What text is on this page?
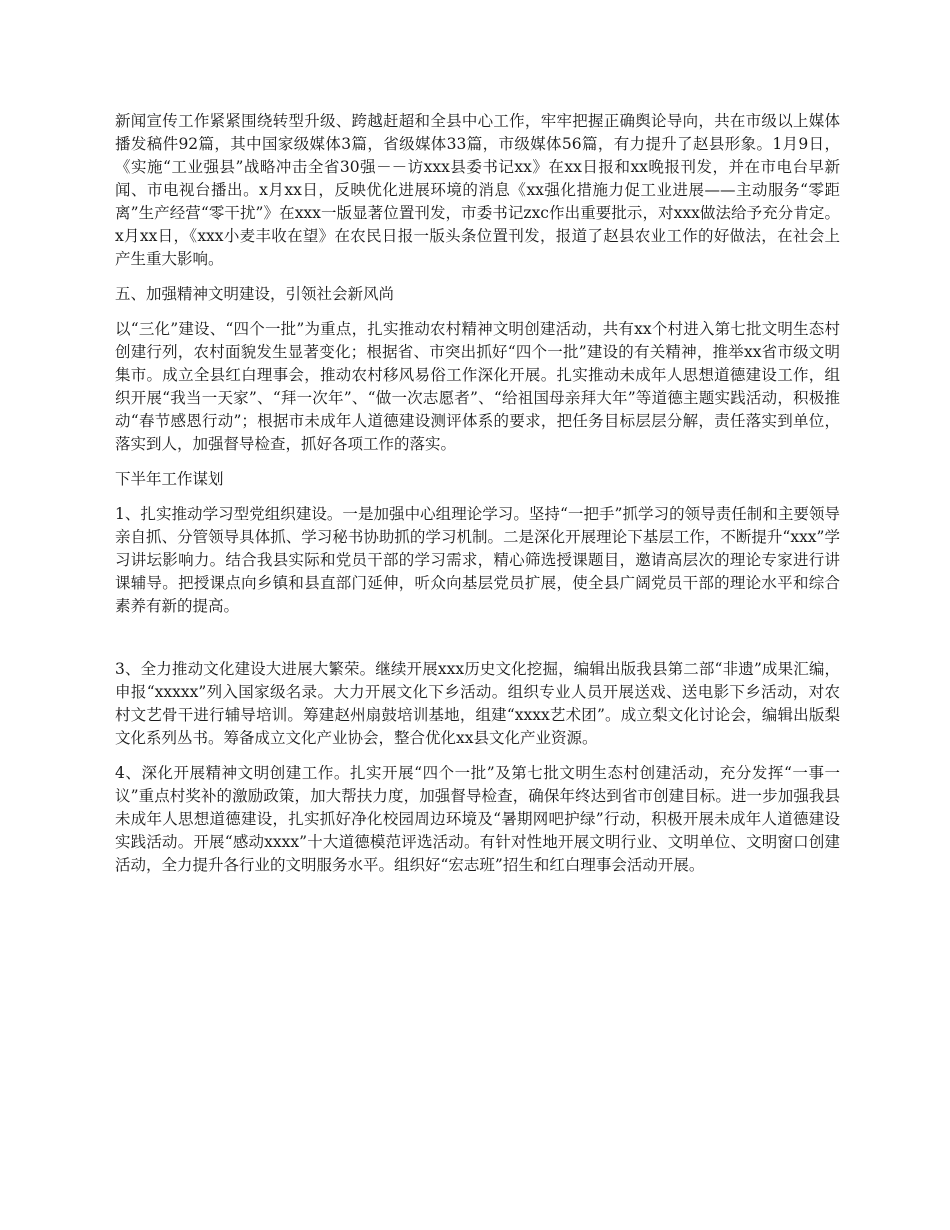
新闻宣传工作紧紧围绕转型升级、跨越赶超和全县中心工作，牢牢把握正确舆论导向，共在市级以上媒体播发稿件92篇，其中国家级媒体3篇，省级媒体33篇，市级媒体56篇，有力提升了赵县形象。1月9日，《实施“工业强县”战略冲击全省30强－－访xxx县委书记xx》在xx日报和xx晚报刊发，并在市电台早新闻、市电视台播出。x月xx日，反映优化进展环境的消息《xx强化措施力促工业进展——主动服务“零距离”生产经营“零干扰”》在xxx一版显著位置刊发，市委书记zxc作出重要批示，对xxx做法给予充分肯定。x月xx日，《xxx小麦丰收在望》在农民日报一版头条位置刊发，报道了赵县农业工作的好做法，在社会上产生重大影响。

五、加强精神文明建设，引领社会新风尚

以“三化”建设、“四个一批”为重点，扎实推动农村精神文明创建活动，共有xx个村进入第七批文明生态村创建行列，农村面貌发生显著变化；根据省、市突出抓好“四个一批”建设的有关精神，推举xx省市级文明集市。成立全县红白理事会，推动农村移风易俗工作深化开展。扎实推动未成年人思想道德建设工作，组织开展“我当一天家”、“拜一次年”、“做一次志愿者”、“给祖国母亲拜大年”等道德主题实践活动，积极推动“春节感恩行动”；根据市未成年人道德建设测评体系的要求，把任务目标层层分解，责任落实到单位，落实到人，加强督导检查，抓好各项工作的落实。

下半年工作谋划

1、扎实推动学习型党组织建设。一是加强中心组理论学习。坚持“一把手”抓学习的领导责任制和主要领导亲自抓、分管领导具体抓、学习秘书协助抓的学习机制。二是深化开展理论下基层工作，不断提升“xxx”学习讲坛影响力。结合我县实际和党员干部的学习需求，精心筛选授课题目，邀请高层次的理论专家进行讲课辅导。把授课点向乡镇和县直部门延伸，听众向基层党员扩展，使全县广阔党员干部的理论水平和综合素养有新的提高。

3、全力推动文化建设大进展大繁荣。继续开展xxx历史文化挖掘，编辑出版我县第二部“非遗”成果汇编，申报“xxxxx”列入国家级名录。大力开展文化下乡活动。组织专业人员开展送戏、送电影下乡活动，对农村文艺骨干进行辅导培训。筹建赵州扇鼓培训基地，组建“xxxx艺术团”。成立梨文化讨论会，编辑出版梨文化系列丛书。筹备成立文化产业协会，整合优化xx县文化产业资源。

4、深化开展精神文明创建工作。扎实开展“四个一批”及第七批文明生态村创建活动，充分发挥“一事一议”重点村奖补的激励政策，加大帮扶力度，加强督导检查，确保年终达到省市创建目标。进一步加强我县未成年人思想道德建设，扎实抓好净化校园周边环境及“暑期网吧护绿”行动，积极开展未成年人道德建设实践活动。开展“感动xxxx”十大道德模范评选活动。有针对性地开展文明行业、文明单位、文明窗口创建活动，全力提升各行业的文明服务水平。组织好“宏志班”招生和红白理事会活动开展。
